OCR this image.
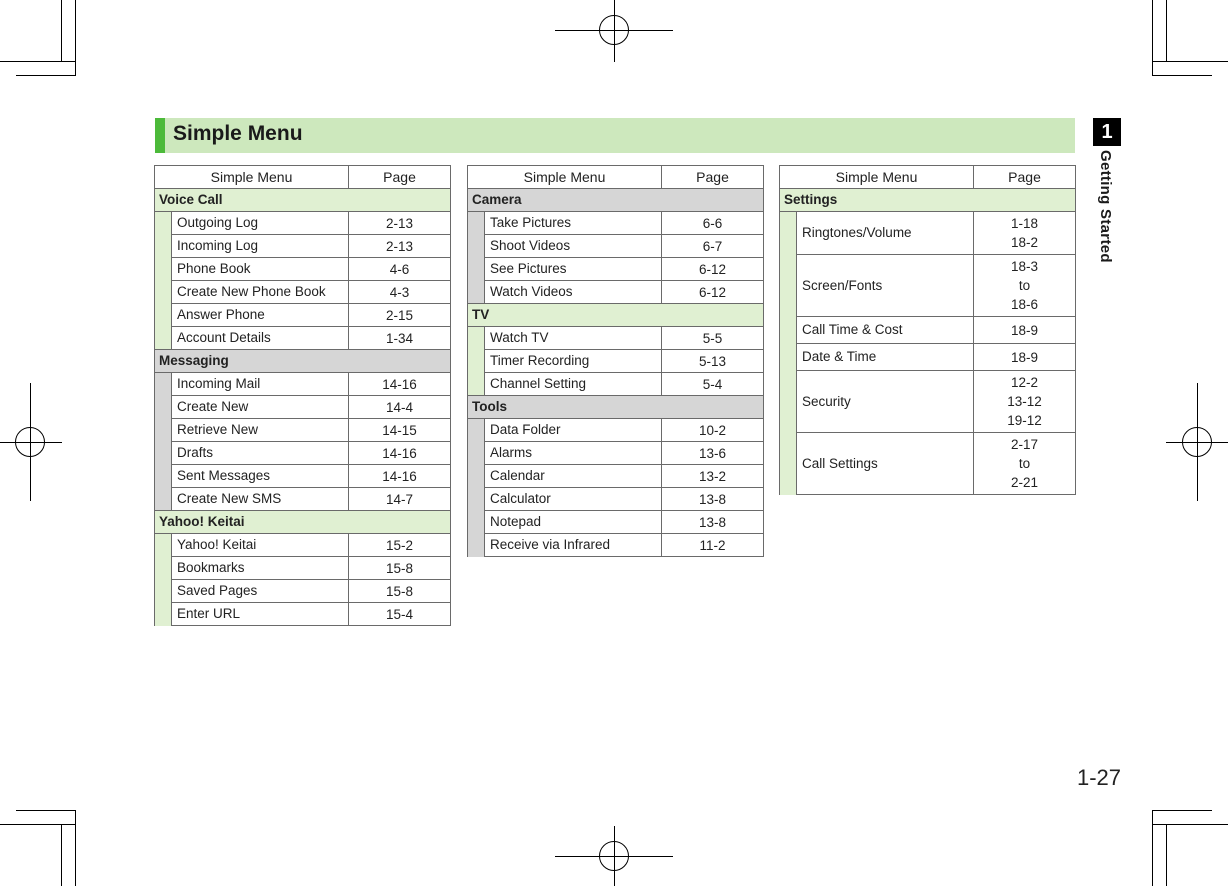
Simple Menu	1
Getting Started
1-27
Simple Menu		Page
Voice Call		
	Outgoing Log	2-13
	Incoming Log	2-13
	Phone Book	4-6
	Create New Phone Book	4-3
	Answer Phone	2-15
	Account Details	1-34
Messaging		
	Incoming Mail	14-16
	Create New	14-4
	Retrieve New	14-15
	Drafts	14-16
	Sent Messages	14-16
	Create New SMS	14-7
Yahoo! Keitai		
	Yahoo! Keitai	15-2
	Bookmarks	15-8
	Saved Pages	15-8
	Enter URL	15-4
Simple Menu		Page
Camera		
	Take Pictures	6-6
	Shoot Videos	6-7
	See Pictures	6-12
	Watch Videos	6-12
TV		
	Watch TV	5-5
	Timer Recording	5-13
	Channel Setting	5-4
Tools		
	Data Folder	10-2
	Alarms	13-6
	Calendar	13-2
	Calculator	13-8
	Notepad	13-8
	Receive via Infrared	11-2
Simple Menu		Page
Settings		
	Ringtones/Volume	1-18
18-2

	Screen/Fonts	18-3
to
18-6

	Call Time & Cost	18-9

	Date & Time	18-9

	Security	12-2
13-12
19-12

	Call Settings	2-17
to
2-21
